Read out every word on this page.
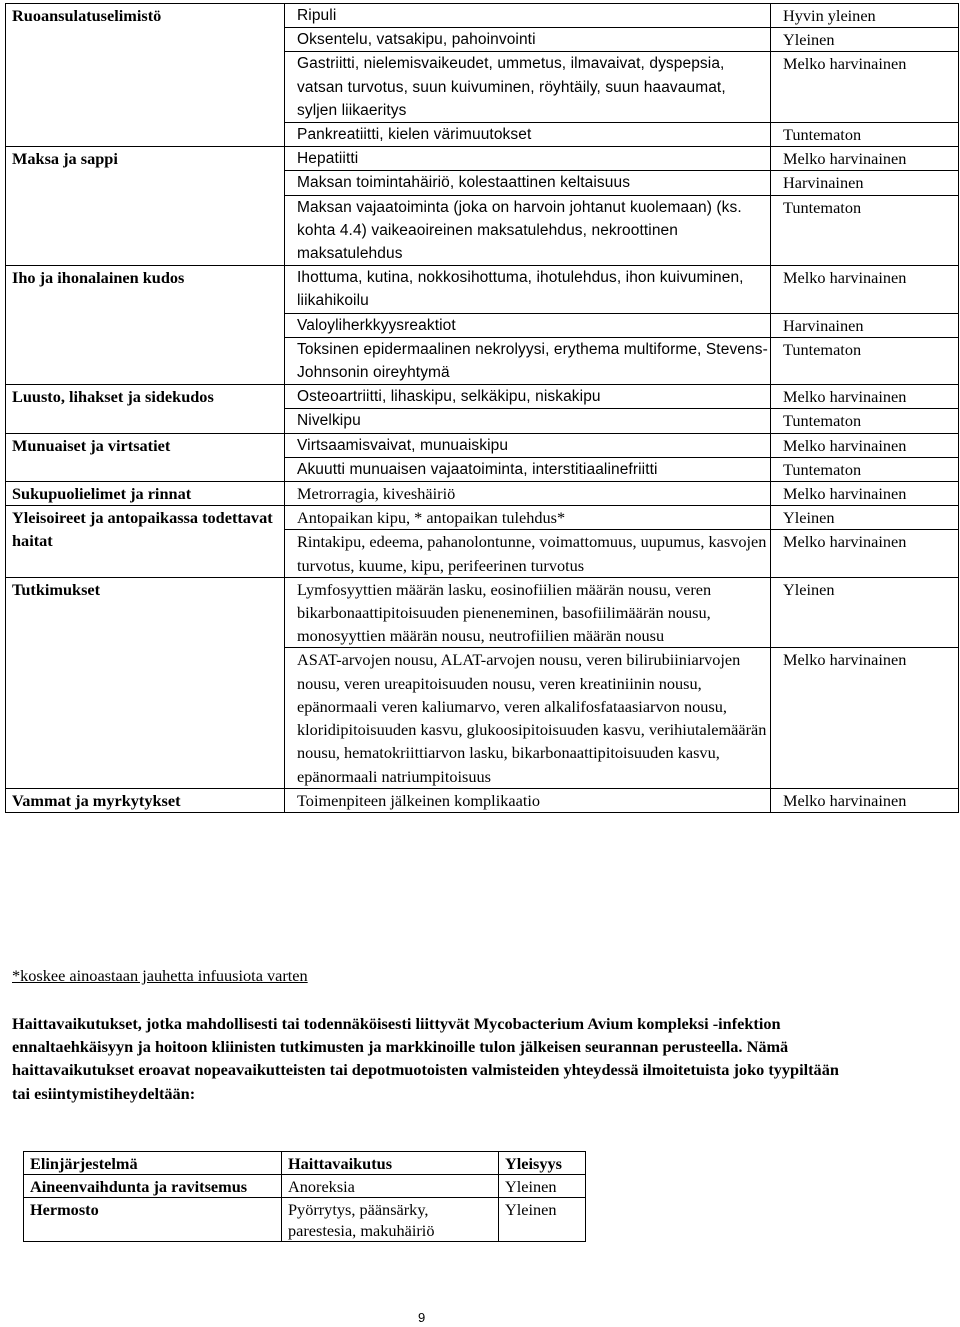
Ruoansulatuselimistö	Ripuli	Hyvin yleinen
	Oksentelu, vatsakipu, pahoinvointi	Yleinen
	Gastriitti, nielemisvaikeudet, ummetus, ilmavaivat, dyspepsia, vatsan turvotus, suun kuivuminen, röyhtäily, suun haavaumat, syljen liikaeritys	Melko harvinainen
	Pankreatiitti, kielen värimuutokset	Tuntematon
Maksa ja sappi	Hepatiitti	Melko harvinainen
	Maksan toimintahäiriö, kolestaattinen keltaisuus	Harvinainen
	Maksan vajaatoiminta (joka on harvoin johtanut kuolemaan) (ks. kohta 4.4) vaikeaoireinen maksatulehdus, nekroottinen maksatulehdus	Tuntematon
Iho ja ihonalainen kudos	Ihottuma, kutina, nokkosihottuma, ihotulehdus, ihon kuivuminen, liikahikoilu	Melko harvinainen
	Valoyliherkkyysreaktiot	Harvinainen
	Toksinen epidermaalinen nekrolyysi, erythema multiforme, Stevens-Johnsonin oireyhtymä	Tuntematon
Luusto, lihakset ja sidekudos	Osteoartriitti, lihaskipu, selkäkipu, niskakipu	Melko harvinainen
	Nivelkipu	Tuntematon
Munuaiset ja virtsatiet	Virtsaamisvaivat, munuaiskipu	Melko harvinainen
	Akuutti munuaisen vajaatoiminta, interstitiaalinefriitti	Tuntematon
Sukupuolielimet ja rinnat	Metrorragia, kiveshäiriö	Melko harvinainen
Yleisoireet ja antopaikassa todettavat haitat	Antopaikan kipu, * antopaikan tulehdus*	Yleinen
	Rintakipu, edeema, pahanolontunne, voimattomuus, uupumus, kasvojen turvotus, kuume, kipu, perifeerinen turvotus	Melko harvinainen
Tutkimukset	Lymfosyyttien määrän lasku, eosinofiilien määrän nousu, veren bikarbonaattipitoisuuden pieneneminen, basofiilimäärän nousu, monosyyttien määrän nousu, neutrofiilien määrän nousu	Yleinen
	ASAT-arvojen nousu, ALAT-arvojen nousu, veren bilirubiiniarvojen nousu, veren ureapitoisuuden nousu, veren kreatiniinin nousu, epänormaali veren kaliumarvo, veren alkalifosfataasiarvon nousu, kloridipitoisuuden kasvu, glukoosipitoisuuden kasvu, verihiutalemäärän nousu, hematokriittiarvon lasku, bikarbonaattipitoisuuden kasvu, epänormaali natriumpitoisuus	Melko harvinainen
Vammat ja myrkytykset	Toimenpiteen jälkeinen komplikaatio	Melko harvinainen
*koskee ainoastaan jauhetta infuusiota varten
Haittavaikutukset, jotka mahdollisesti tai todennäköisesti liittyvät Mycobacterium Avium kompleksi -infektion ennaltaehkäisyyn ja hoitoon kliinisten tutkimusten ja markkinoille tulon jälkeisen seurannan perusteella. Nämä haittavaikutukset eroavat nopeavaikutteisten tai depotmuotoisten valmisteiden yhteydessä ilmoitetuista joko tyypiltään tai esiintymistiheydeltään:
Elinjärjestelmä	Haittavaikutus	Yleisyys
Aineenvaihdunta ja ravitsemus	Anoreksia	Yleinen
Hermosto	Pyörrytys, päänsärky, parestesia, makuhäiriö	Yleinen
9
